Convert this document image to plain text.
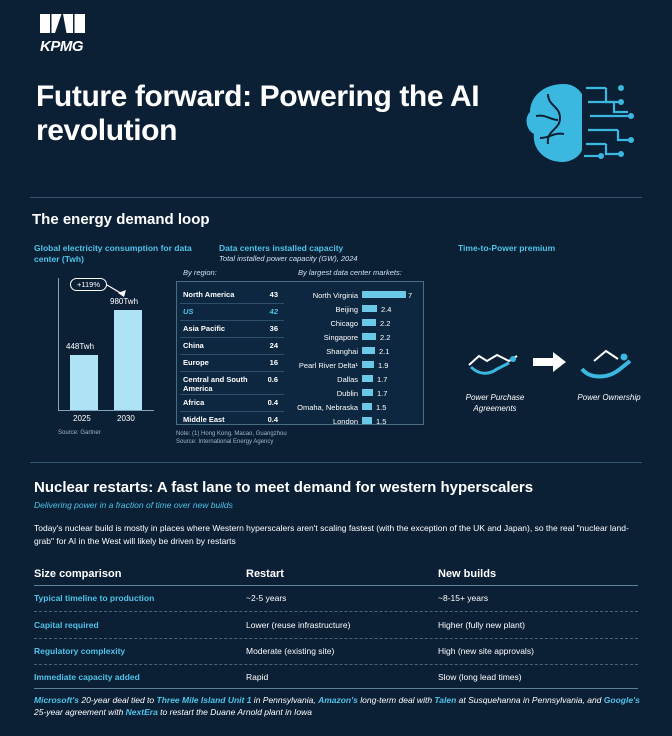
KPMG
Future forward: Powering the AI revolution
The energy demand loop
Global electricity consumption for data center (Twh)
Data centers installed capacity
Total installed power capacity (GW), 2024
Time-to-Power premium
448Twh
980Twh
2025	2030
+119%
Source: Gartner
By region:	By largest data center markets:
North America	43
US	42
Asia Pacific	36
China	24
Europe	16
Central and South America
0.6
Africa	0.4
Middle East	0.4
North Virginia	7
Beijing	2.4
Chicago	2.2
Singapore	2.2
Shanghai	2.1
Pearl River Delta¹	1.9
Dallas	1.7
Dublin	1.7
Omaha, Nebraska 1.5
London 1.5
Note: (1) Hong Kong, Macao, Guangzhou
Source: International Energy Agency
Power Purchase Agreements
Power Ownership
Nuclear restarts: A fast lane to meet demand for western hyperscalers
Delivering power in a fraction of time over new builds
Today's nuclear build is mostly in places where Western hyperscalers aren't scaling fastest (with the exception of the UK and Japan), so the real "nuclear land-grab" for AI in the West will likely be driven by restarts
Size comparison	Restart	New builds
Typical timeline to production	~2-5 years	~8-15+ years
Capital required	Lower (reuse infrastructure)	Higher (fully new plant)
Regulatory complexity	Moderate (existing site)	High (new site approvals)
Immediate capacity added	Rapid	Slow (long lead times)
Microsoft's 20-year deal tied to Three Mile Island Unit 1 in Pennsylvania, Amazon's long-term deal with Talen at Susquehanna in Pennsylvania, and Google's 25-year agreement with NextEra to restart the Duane Arnold plant in Iowa
